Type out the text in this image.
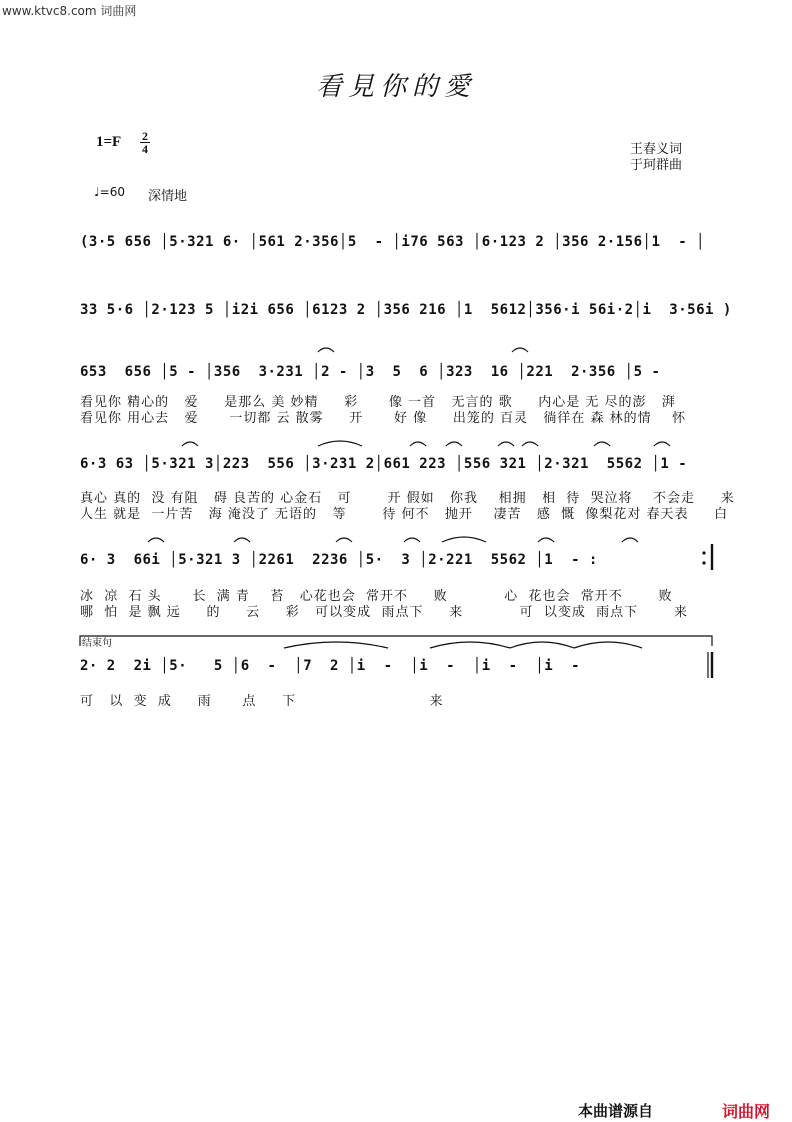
www.ktvc8.com 词曲网
看見你的愛
1=F 2
4	王春义词
于珂群曲
♩=60 深情地
(3·5 656 │5·321 6· │561 2·356│5  - │i76 563 │6·123 2 │356 2·156│1  - │
33 5·6 │2·123 5 │i2i 656 │6123 2 │356 216 │1  5612│356·i 56i·2│i  3·56i )
653  656 │5 - │356  3·231 │2 - │3  5  6 │323  16 │221  2·356 │5 -
看见你 精心的   爱     是那么 美 妙精     彩      像 一首   无言的 歌     内心是 无 尽的澎   湃
看见你 用心去   爱      一切都 云 散雾     开      好 像     出笼的 百灵   徜徉在 森 林的情    怀
6·3 63 │5·321 3│223  556 │3·231 2│661 223 │556 321 │2·321  5562 │1 -
真心 真的  没 有阻   碍 良苦的 心金石   可       开 假如   你我    相拥   相  待  哭泣将    不会走     来
人生 就是  一片苦   海 淹没了 无语的   等       待 何不   抛开    凄苦   感  慨  像梨花对 春天表     白
6· 3  66i │5·321 3 │2261  2236 │5·  3 │2·221  5562 │1  - :
冰  凉  石 头      长  满 青    苔   心花也会  常开不     败           心  花也会  常开不       败
哪  怕  是 飘 远     的     云     彩   可以变成  雨点下     来           可  以变成  雨点下       来
结束句
2· 2  2i │5·   5 │6  -  │7  2 │i  -  │i  -  │i  -  │i  -
可   以  变  成     雨      点     下                          来
本曲谱源自	词曲网
